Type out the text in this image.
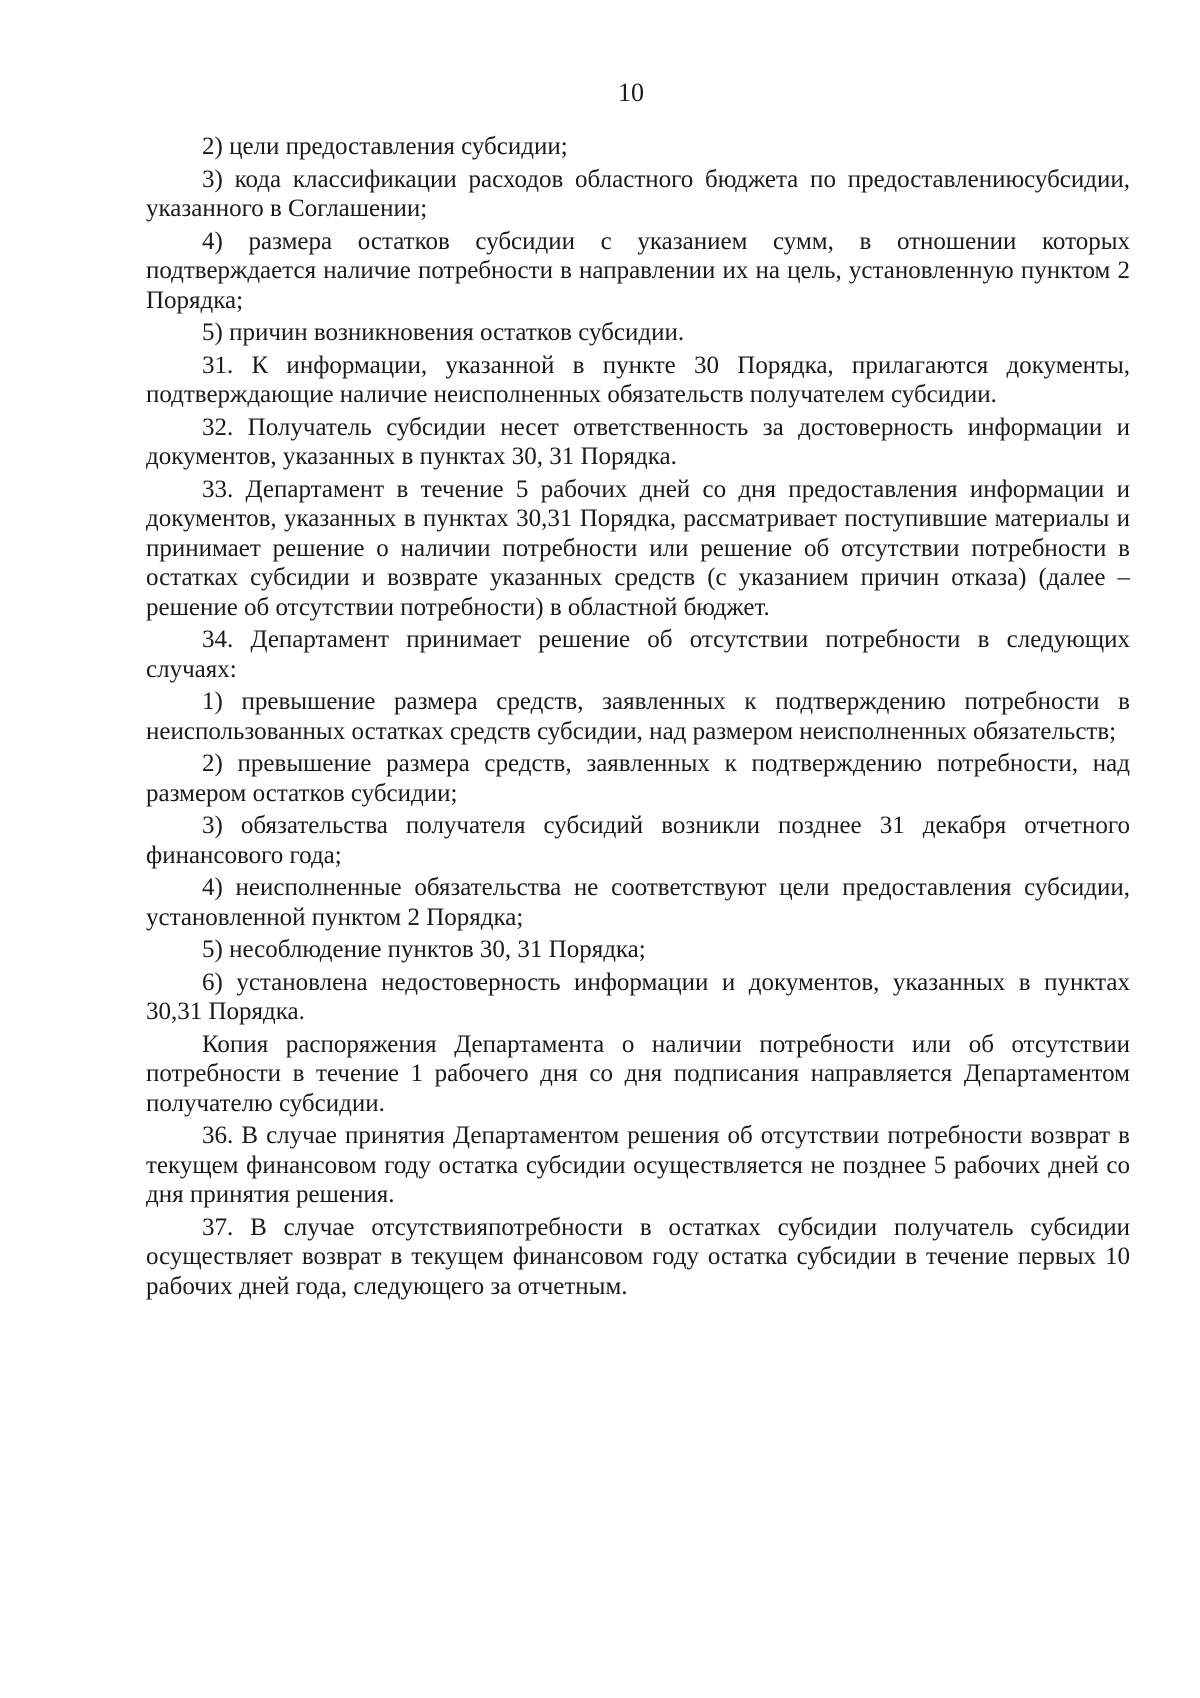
10

2) цели предоставления субсидии;

3) кода классификации расходов областного бюджета по предоставлениюсубсидии, указанного в Соглашении;

4) размера остатков субсидии с указанием сумм, в отношении которых подтверждается наличие потребности в направлении их на цель, установленную пунктом 2 Порядка;

5) причин возникновения остатков субсидии.

31. К информации, указанной в пункте 30 Порядка, прилагаются документы, подтверждающие наличие неисполненных обязательств получателем субсидии.

32. Получатель субсидии несет ответственность за достоверность информации и документов, указанных в пунктах 30, 31 Порядка.

33. Департамент в течение 5 рабочих дней со дня предоставления информации и документов, указанных в пунктах 30,31 Порядка, рассматривает поступившие материалы и принимает решение о наличии потребности или решение об отсутствии потребности в остатках субсидии и возврате указанных средств (с указанием причин отказа) (далее – решение об отсутствии потребности) в областной бюджет.

34. Департамент принимает решение об отсутствии потребности в следующих случаях:

1) превышение размера средств, заявленных к подтверждению потребности в неиспользованных остатках средств субсидии, над размером неисполненных обязательств;

2) превышение размера средств, заявленных к подтверждению потребности, над размером остатков субсидии;

3) обязательства получателя субсидий возникли позднее 31 декабря отчетного финансового года;

4) неисполненные обязательства не соответствуют цели предоставления субсидии, установленной пунктом 2 Порядка;

5) несоблюдение пунктов 30, 31 Порядка;

6) установлена недостоверность информации и документов, указанных в пунктах 30,31 Порядка.

Копия распоряжения Департамента о наличии потребности или об отсутствии потребности в течение 1 рабочего дня со дня подписания направляется Департаментом получателю субсидии.

36. В случае принятия Департаментом решения об отсутствии потребности возврат в текущем финансовом году остатка субсидии осуществляется не позднее 5 рабочих дней со дня принятия решения.

37. В случае отсутствияпотребности в остатках субсидии получатель субсидии осуществляет возврат в текущем финансовом году остатка субсидии в течение первых 10 рабочих дней года, следующего за отчетным.
